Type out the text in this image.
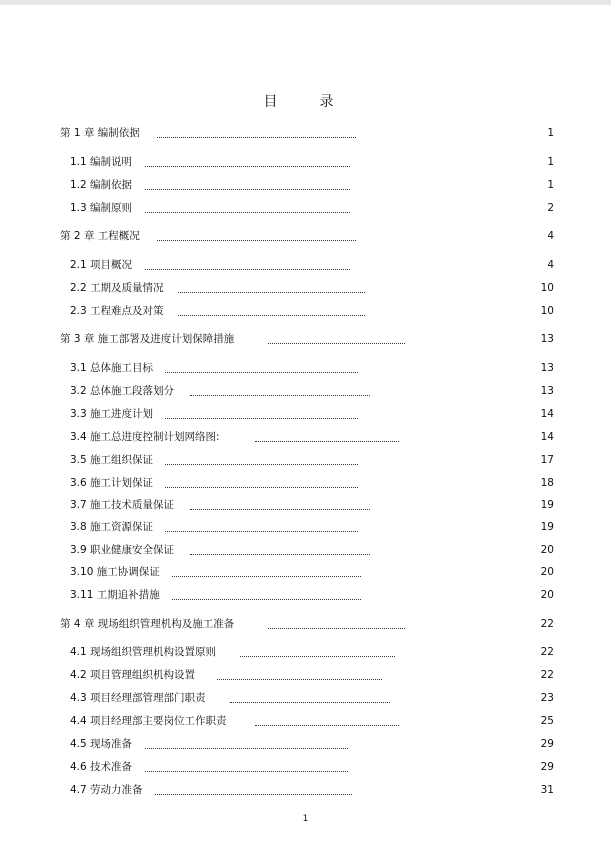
目　录
第 1 章 编制依据	1
1.1 编制说明	1
1.2 编制依据	1
1.3 编制原则	2
第 2 章 工程概况	4
2.1 项目概况	4
2.2 工期及质量情况	10
2.3 工程难点及对策	10
第 3 章 施工部署及进度计划保障措施	13
3.1 总体施工目标	13
3.2 总体施工段落划分	13
3.3 施工进度计划	14
3.4 施工总进度控制计划网络图:	14
3.5 施工组织保证	17
3.6 施工计划保证	18
3.7 施工技术质量保证	19
3.8 施工资源保证	19
3.9 职业健康安全保证	20
3.10 施工协调保证	20
3.11 工期追补措施	20
第 4 章 现场组织管理机构及施工准备	22
4.1 现场组织管理机构设置原则	22
4.2 项目管理组织机构设置	22
4.3 项目经理部管理部门职责	23
4.4 项目经理部主要岗位工作职责	25
4.5 现场准备	29
4.6 技术准备	29
4.7 劳动力准备	31
1
